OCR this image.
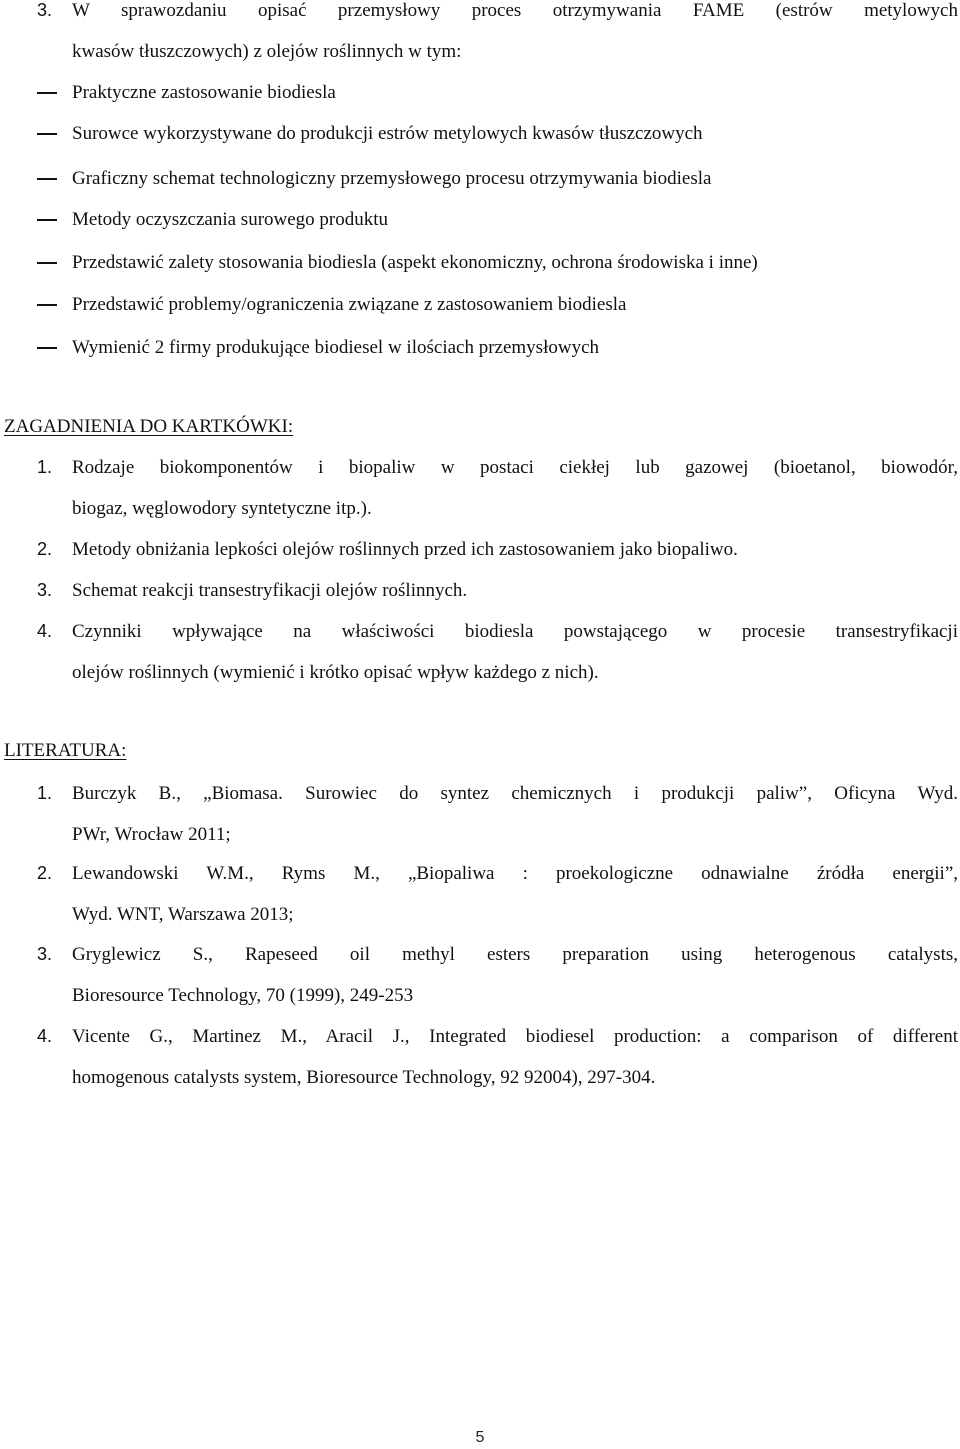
3. W sprawozdaniu opisać przemysłowy proces otrzymywania FAME (estrów metylowych
kwasów tłuszczowych) z olejów roślinnych w tym:
Praktyczne zastosowanie biodiesla
Surowce wykorzystywane do produkcji estrów metylowych kwasów tłuszczowych
Graficzny schemat technologiczny przemysłowego procesu otrzymywania biodiesla
Metody oczyszczania surowego produktu
Przedstawić zalety stosowania biodiesla (aspekt ekonomiczny, ochrona środowiska i inne)
Przedstawić problemy/ograniczenia związane z zastosowaniem biodiesla
Wymienić 2 firmy produkujące biodiesel w ilościach przemysłowych
ZAGADNIENIA DO KARTKÓWKI:
1. Rodzaje biokomponentów i biopaliw w postaci ciekłej lub gazowej (bioetanol, biowodór,
biogaz, węglowodory syntetyczne itp.).
2. Metody obniżania lepkości olejów roślinnych przed ich zastosowaniem jako biopaliwo.
3. Schemat reakcji transestryfikacji olejów roślinnych.
4. Czynniki wpływające na właściwości biodiesla powstającego w procesie transestryfikacji
olejów roślinnych (wymienić i krótko opisać wpływ każdego z nich).
LITERATURA:
1. Burczyk B., „Biomasa. Surowiec do syntez chemicznych i produkcji paliw”, Oficyna Wyd.
PWr, Wrocław 2011;
2. Lewandowski W.M., Ryms M., „Biopaliwa : proekologiczne odnawialne źródła energii”,
Wyd. WNT, Warszawa 2013;
3. Gryglewicz S., Rapeseed oil methyl esters preparation using heterogenous catalysts,
Bioresource Technology, 70 (1999), 249-253
4. Vicente G., Martinez M., Aracil J., Integrated biodiesel production: a comparison of different
homogenous catalysts system, Bioresource Technology, 92 92004), 297-304.
5
